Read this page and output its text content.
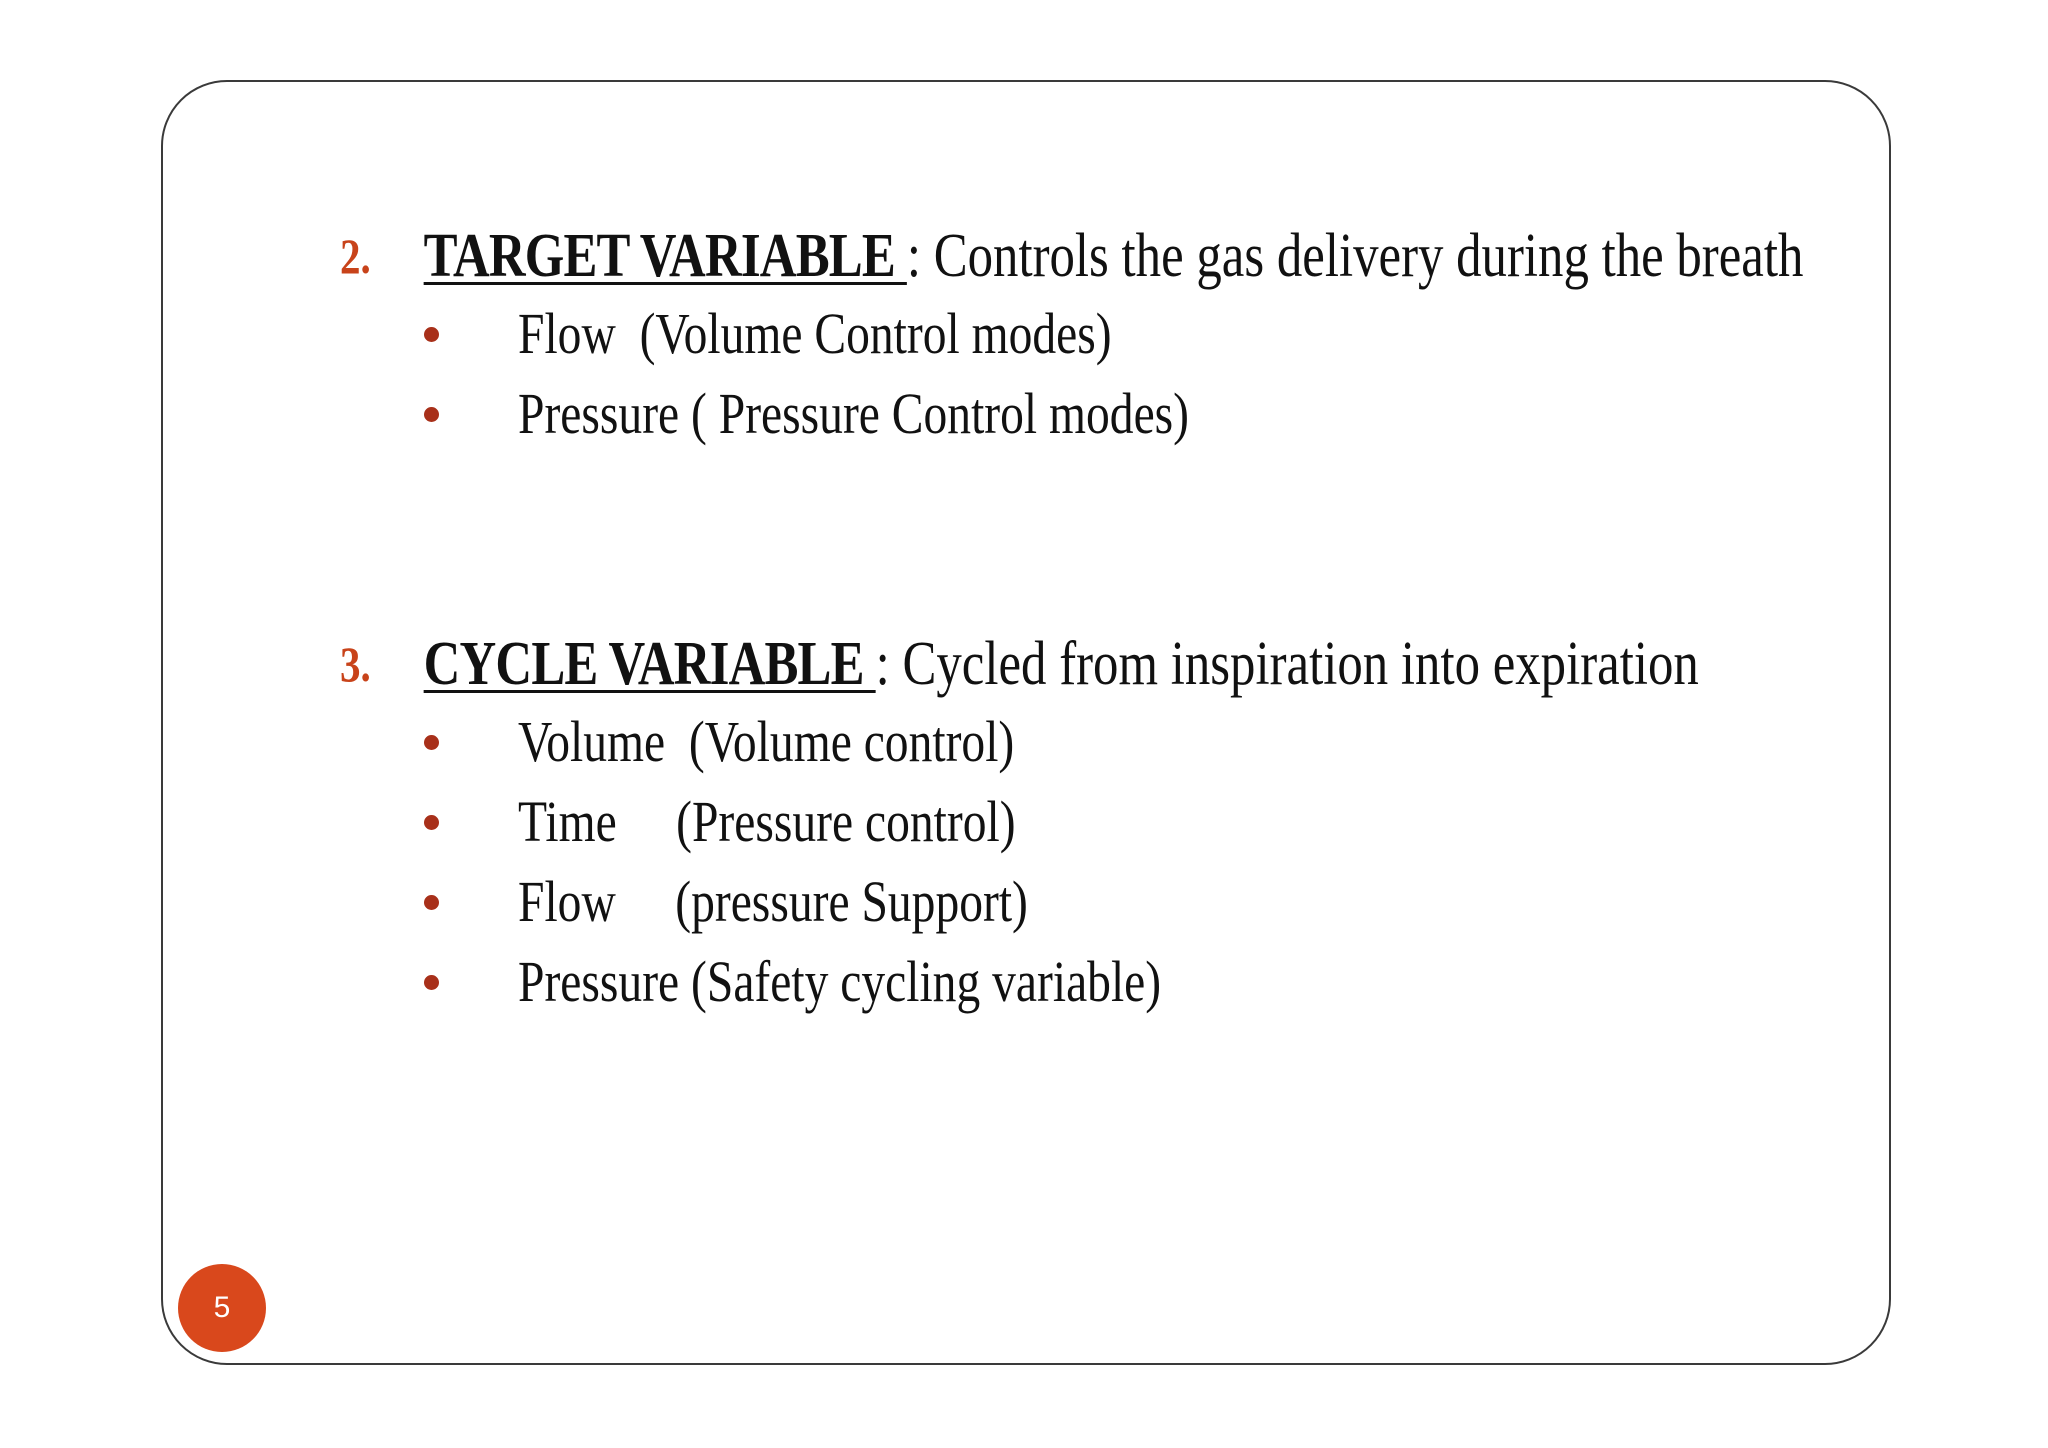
2. TARGET VARIABLE : Controls the gas delivery during the breath
Flow  (Volume Control modes)
Pressure ( Pressure Control modes)
3. CYCLE VARIABLE : Cycled from inspiration into expiration
Volume  (Volume control)
Time     (Pressure control)
Flow     (pressure Support)
Pressure (Safety cycling variable)
5
